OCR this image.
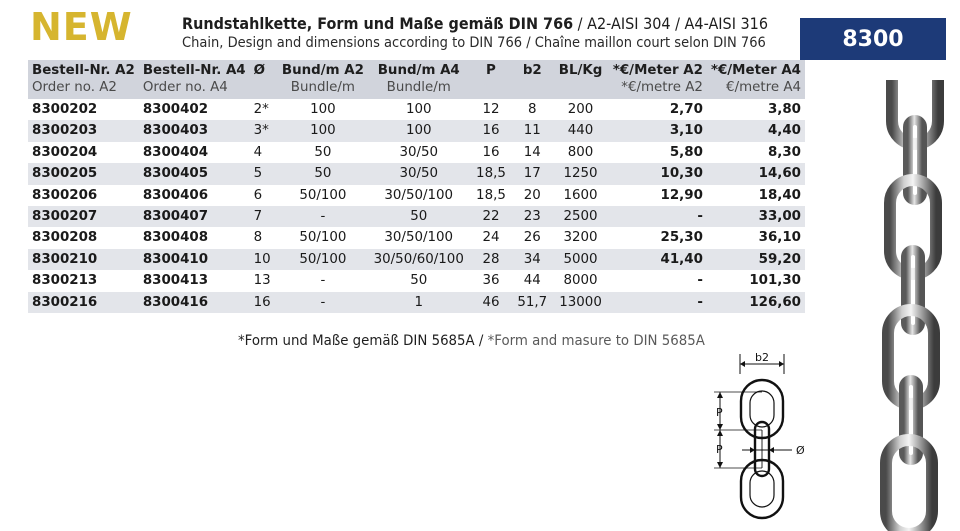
NEW	Rundstahlkette, Form und Maße gemäß DIN 766 / A2-AISI 304 / A4-AISI 316
Chain, Design and dimensions according to DIN 766 / Chaîne maillon court selon DIN 766	8300
Bestell-Nr. A2	Bestell-Nr. A4	Ø	Bund/m A2	Bund/m A4	P	b2	BL/Kg	*€/Meter A2	*€/Meter A4
Order no. A2	Order no. A4		Bundle/m	Bundle/m				*€/metre A2	€/metre A4
8300202	8300402	2*	100	100	12	8	200	2,70	3,80
8300203	8300403	3*	100	100	16	11	440	3,10	4,40
8300204	8300404	4	50	30/50	16	14	800	5,80	8,30
8300205	8300405	5	50	30/50	18,5	17	1250	10,30	14,60
8300206	8300406	6	50/100	30/50/100	18,5	20	1600	12,90	18,40
8300207	8300407	7	-	50	22	23	2500	-	33,00
8300208	8300408	8	50/100	30/50/100	24	26	3200	25,30	36,10
8300210	8300410	10	50/100	30/50/60/100	28	34	5000	41,40	59,20
8300213	8300413	13	-	50	36	44	8000	-	101,30
8300216	8300416	16	-	1	46	51,7	13000	-	126,60
*Form und Maße gemäß DIN 5685A / *Form and masure to DIN 5685A
b2
P
P	Ø
